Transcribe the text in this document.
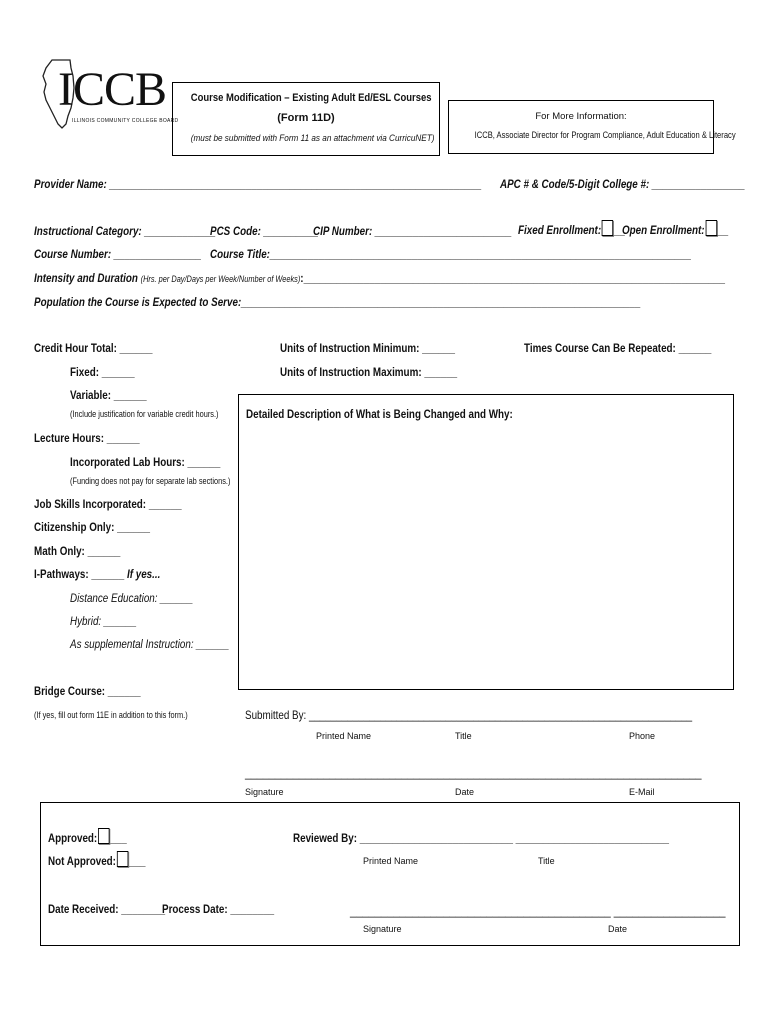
ICCB
ILLINOIS COMMUNITY COLLEGE BOARD
Course Modification – Existing Adult Ed/ESL Courses
(Form 11D)
(must be submitted with Form 11 as an attachment via CurricuNET)
For More Information:
ICCB, Associate Director for Program Compliance, Adult Education & Literacy
Provider Name: ____________________________________________________________________ APC # & Code/5-Digit College #: _________________
Instructional Category: _____________
PCS Code: __________
CIP Number: _________________________ Fixed Enrollment: __
Open Enrollment: __
Course Number: ________________ Course Title:_____________________________________________________________________________
Intensity and Duration (Hrs. per Day/Days per Week/Number of Weeks):_____________________________________________________________________________
Population the Course is Expected to Serve:_________________________________________________________________________
Credit Hour Total: ______
Fixed: ______
Variable: ______
(Include justification for variable credit hours.)
Lecture Hours: ______
Incorporated Lab Hours: ______
(Funding does not pay for separate lab sections.)
Job Skills Incorporated: ______
Citizenship Only: ______
Math Only: ______
I-Pathways: ______ If yes...
Distance Education: ______
Hybrid: ______
As supplemental Instruction: ______
Bridge Course: ______
(If yes, fill out form 11E in addition to this form.)
Units of Instruction Minimum: ______
Units of Instruction Maximum: ______
Times Course Can Be Repeated: ______
Detailed Description of What is Being Changed and Why:
Submitted By: ______________________________________________________________________
Printed Name	Title	Phone
____________________________________________________________________________
Signature	Date	E-Mail
Approved: ___
Not Approved: ___
Reviewed By: ____________________________ ____________________________
Printed Name	Title
Date Received: ________
Process Date: ________	__________________________________________ __________________
Signature	Date
